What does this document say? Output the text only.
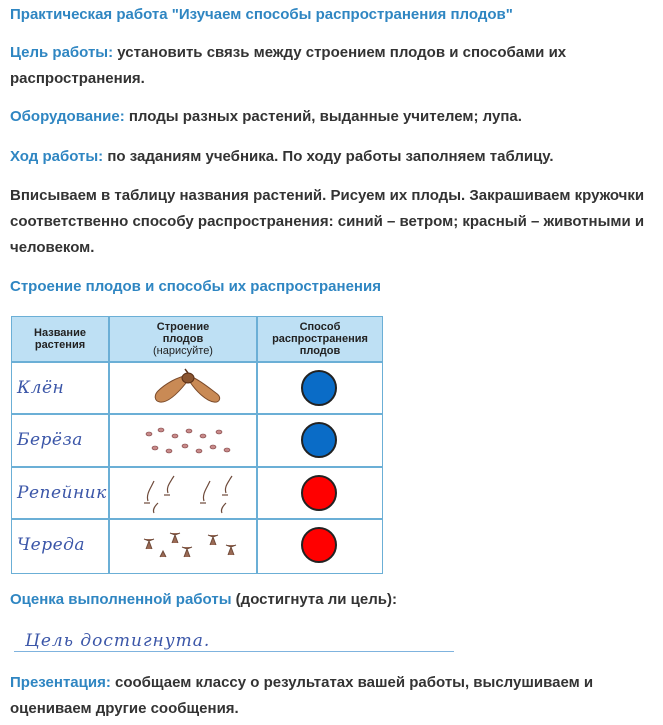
Практическая работа "Изучаем способы распространения плодов"
Цель работы: установить связь между строением плодов и способами их распространения.
Оборудование: плоды разных растений, выданные учителем; лупа.
Ход работы: по заданиям учебника. По ходу работы заполняем таблицу.
Вписываем в таблицу названия растений. Рисуем их плоды. Закрашиваем кружочки соответственно способу распространения: синий – ветром; красный – животными и человеком.
Строение плодов и способы их распространения
Название растения
Строение плодов
(нарисуйте)
Способ распространения плодов
Клён
Берёза
Репейник
Череда
Оценка выполненной работы (достигнута ли цель):
Цель достигнута.
Презентация: сообщаем классу о результатах вашей работы, выслушиваем и оцениваем другие сообщения.
